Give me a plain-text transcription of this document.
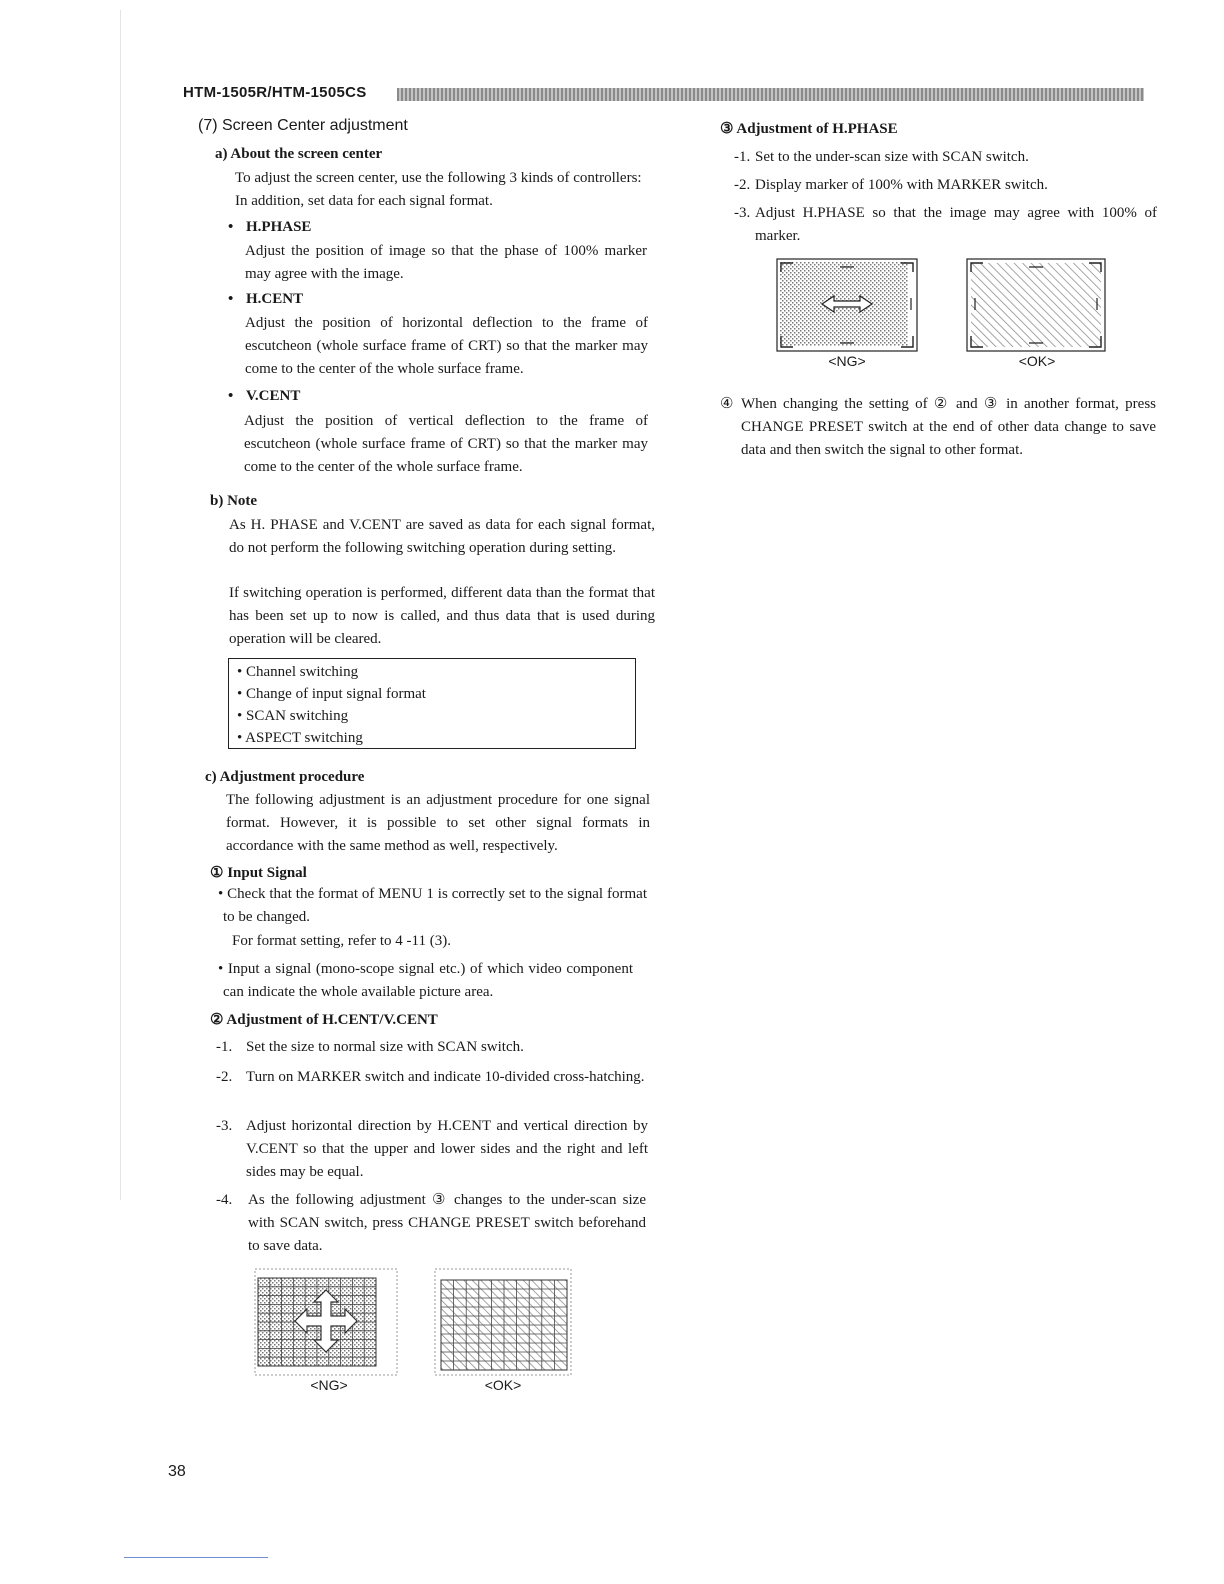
HTM-1505R/HTM-1505CS
(7) Screen Center adjustment
a) About the screen center
To adjust the screen center, use the following 3 kinds of controllers:
In addition, set data for each signal format.
• H.PHASE
Adjust the position of image so that the phase of 100% marker may agree with the image.
• H.CENT
Adjust the position of horizontal deflection to the frame of escutcheon (whole surface frame of CRT) so that the marker may come to the center of the whole surface frame.
• V.CENT
Adjust the position of vertical deflection to the frame of escutcheon (whole surface frame of CRT) so that the marker may come to the center of the whole surface frame.
b) Note
As H. PHASE and V.CENT are saved as data for each signal format, do not perform the following switching operation during setting.
If switching operation is performed, different data than the format that has been set up to now is called, and thus data that is used during operation will be cleared.
• Channel switching
• Change of input signal format
• SCAN switching
• ASPECT switching
c) Adjustment procedure
The following adjustment is an adjustment procedure for one signal format. However, it is possible to set other signal formats in accordance with the same method as well, respectively.
① Input Signal
• Check that the format of MENU 1 is correctly set to the signal format to be changed.
For format setting, refer to 4 -11 (3).
• Input a signal (mono-scope signal etc.) of which video component can indicate the whole available picture area.
② Adjustment of H.CENT/V.CENT
-1. Set the size to normal size with SCAN switch.
-2. Turn on MARKER switch and indicate 10-divided cross-hatching.
-3. Adjust horizontal direction by H.CENT and vertical direction by V.CENT so that the upper and lower sides and the right and left sides may be equal.
-4. As the following adjustment ③ changes to the under-scan size with SCAN switch, press CHANGE PRESET switch beforehand to save data.
<NG>	<OK>
③ Adjustment of H.PHASE
-1. Set to the under-scan size with SCAN switch.
-2. Display marker of 100% with MARKER switch.
-3. Adjust H.PHASE so that the image may agree with 100% of marker.
<NG>	<OK>
④ When changing the setting of ② and ③ in another format, press CHANGE PRESET switch at the end of other data change to save data and then switch the signal to other format.
38
